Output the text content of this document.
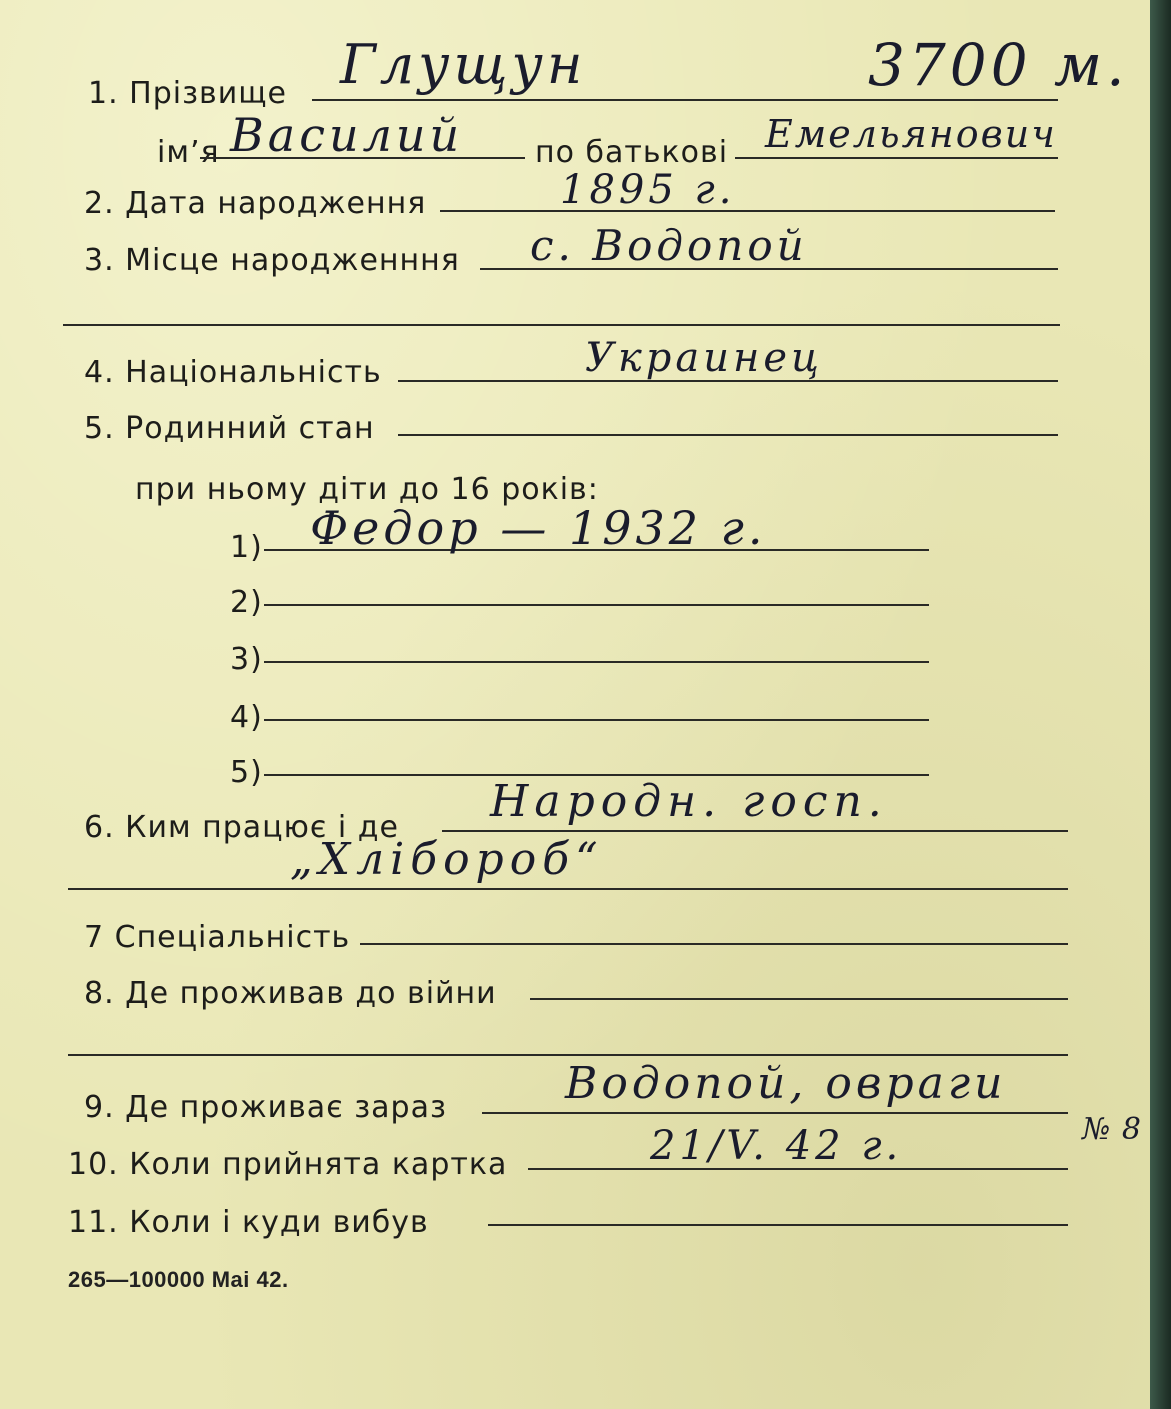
1. Прізвище Глущун	3700 м.
ім’я Василий по батькові Емельянович
2. Дата народження	1895 г.
3. Місце народженння с. Водопой
4. Національність	Украинец
5. Родинний стан
при ньому діти до 16 років:
1) Федор — 1932 г.
2)
3)
4)
5)
6. Ким працює і де
Народн. госп.
„Хлібороб“
7 Спеціальність
8. Де проживав до війни
9. Де проживає зараз	Водопой, овраги
№ 8
10. Коли прийнята картка	21/V. 42 г.
11. Коли і куди вибув
265—100000 Mai 42.
